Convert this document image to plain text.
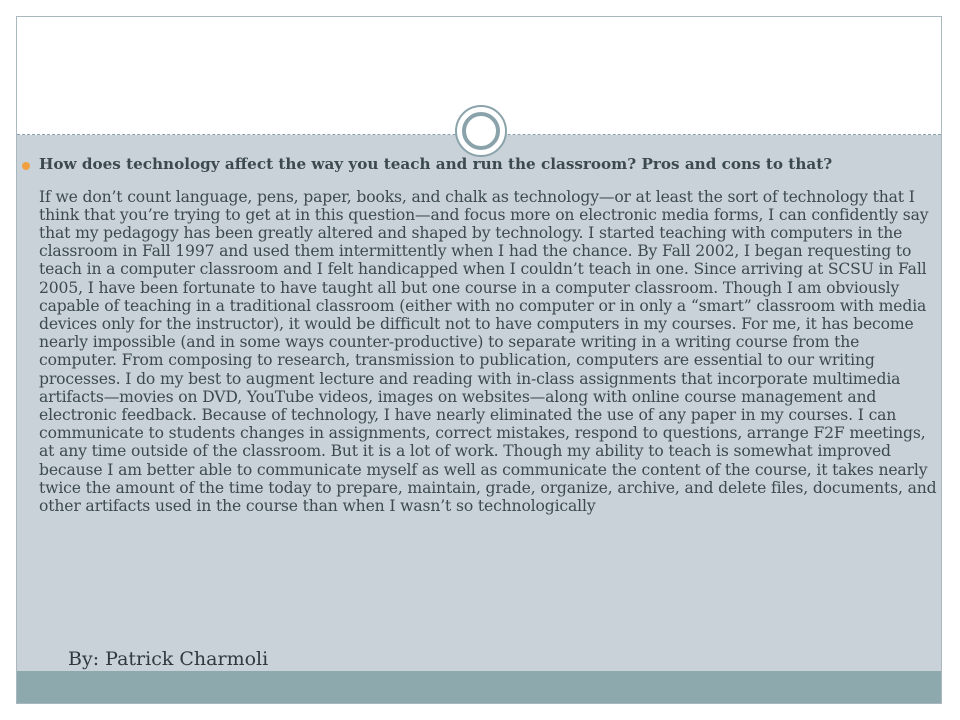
How does technology affect the way you teach and run the classroom? Pros and cons to that?

If we don’t count language, pens, paper, books, and chalk as technology—or at least the sort of technology that I think that you’re trying to get at in this question—and focus more on electronic media forms, I can confidently say that my pedagogy has been greatly altered and shaped by technology. I started teaching with computers in the classroom in Fall 1997 and used them intermittently when I had the chance. By Fall 2002, I began requesting to teach in a computer classroom and I felt handicapped when I couldn’t teach in one. Since arriving at SCSU in Fall 2005, I have been fortunate to have taught all but one course in a computer classroom. Though I am obviously capable of teaching in a traditional classroom (either with no computer or in only a “smart” classroom with media devices only for the instructor), it would be difficult not to have computers in my courses. For me, it has become nearly impossible (and in some ways counter-productive) to separate writing in a writing course from the computer. From composing to research, transmission to publication, computers are essential to our writing processes. I do my best to augment lecture and reading with in-class assignments that incorporate multimedia artifacts—movies on DVD, YouTube videos, images on websites—along with online course management and electronic feedback. Because of technology, I have nearly eliminated the use of any paper in my courses. I can communicate to students changes in assignments, correct mistakes, respond to questions, arrange F2F meetings, at any time outside of the classroom. But it is a lot of work. Though my ability to teach is somewhat improved because I am better able to communicate myself as well as communicate the content of the course, it takes nearly twice the amount of the time today to prepare, maintain, grade, organize, archive, and delete files, documents, and other artifacts used in the course than when I wasn’t so technologically

By: Patrick Charmoli
